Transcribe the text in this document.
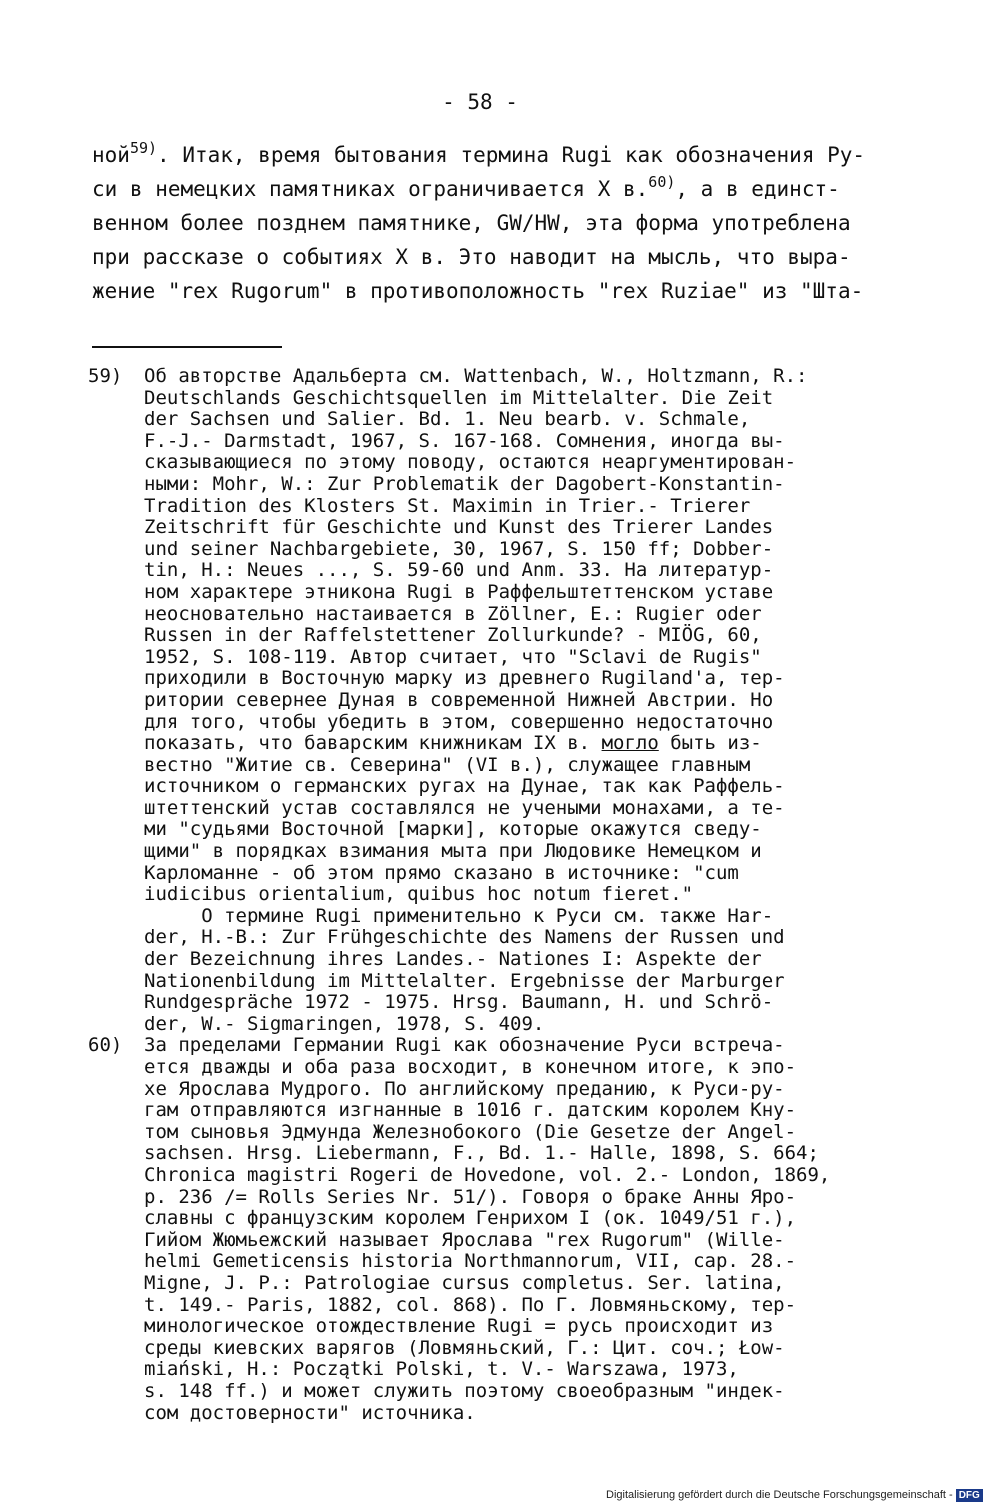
- 58 -
ной$^{59)}$. Итак, время бытования термина Rugi как обозначения Ру-
си в немецких памятниках ограничивается X в.$^{60)}$, а в единст-
венном более позднем памятнике, GW/HW, эта форма употреблена
при рассказе о событиях X в. Это наводит на мысль, что выра-
жение "rex Rugorum" в противоположность "rex Ruziae" из "Шта-
59) Об авторстве Адальберта см. Wattenbach, W., Holtzmann, R.:
Deutschlands Geschichtsquellen im Mittelalter. Die Zeit
der Sachsen und Salier. Bd. 1. Neu bearb. v. Schmale,
F.-J.- Darmstadt, 1967, S. 167-168. Сомнения, иногда вы-
сказывающиеся по этому поводу, остаются неаргументирован-
ными: Mohr, W.: Zur Problematik der Dagobert-Konstantin-
Tradition des Klosters St. Maximin in Trier.- Trierer
Zeitschrift für Geschichte und Kunst des Trierer Landes
und seiner Nachbargebiete, 30, 1967, S. 150 ff; Dobber-
tin, H.: Neues ..., S. 59-60 und Anm. 33. На литератур-
ном характере этникона Rugi в Раффельштеттенском уставе
неосновательно настаивается в Zöllner, E.: Rugier oder
Russen in der Raffelstettener Zollurkunde? - MIÖG, 60,
1952, S. 108-119. Автор считает, что "Sclavi de Rugis"
приходили в Восточную марку из древнего Rugiland'a, тер-
ритории севернее Дуная в современной Нижней Австрии. Но
для того, чтобы убедить в этом, совершенно недостаточно
показать, что баварским книжникам IX в. могло быть из-
вестно "Житие св. Северина" (VI в.), служащее главным
источником о германских ругах на Дунае, так как Раффель-
штеттенский устав составлялся не учеными монахами, а те-
ми "судьями Восточной [марки], которые окажутся сведу-
щими" в порядках взимания мыта при Людовике Немецком и
Карломанне - об этом прямо сказано в источнике: "cum
iudicibus orientalium, quibus hoc notum fieret."
О термине Rugi применительно к Руси см. также Har-
der, H.-B.: Zur Frühgeschichte des Namens der Russen und
der Bezeichnung ihres Landes.- Nationes I: Aspekte der
Nationenbildung im Mittelalter. Ergebnisse der Marburger
Rundgespräche 1972 - 1975. Hrsg. Baumann, H. und Schrö-
der, W.- Sigmaringen, 1978, S. 409.
60) За пределами Германии Rugi как обозначение Руси встреча-
ется дважды и оба раза восходит, в конечном итоге, к эпо-
хе Ярослава Мудрого. По английскому преданию, к Руси-ру-
гам отправляются изгнанные в 1016 г. датским королем Кну-
том сыновья Эдмунда Железнобокого (Die Gesetze der Angel-
sachsen. Hrsg. Liebermann, F., Bd. 1.- Halle, 1898, S. 664;
Chronica magistri Rogeri de Hovedone, vol. 2.- London, 1869,
p. 236 /= Rolls Series Nr. 51/). Говоря о браке Анны Яро-
славны с французским королем Генрихом I (ок. 1049/51 г.),
Гийом Жюмьежский называет Ярослава "rex Rugorum" (Wille-
helmi Gemeticensis historia Northmannorum, VII, cap. 28.-
Migne, J. P.: Patrologiae cursus completus. Ser. latina,
t. 149.- Paris, 1882, col. 868). По Г. Ловмяньскому, тер-
минологическое отождествление Rugi = русь происходит из
среды киевских варягов (Ловмяньский, Г.: Цит. соч.; Łow-
miański, H.: Początki Polski, t. V.- Warszawa, 1973,
s. 148 ff.) и может служить поэтому своеобразным "индек-
сом достоверности" источника.
Digitalisierung gefördert durch die Deutsche Forschungsgemeinschaft - DFG
